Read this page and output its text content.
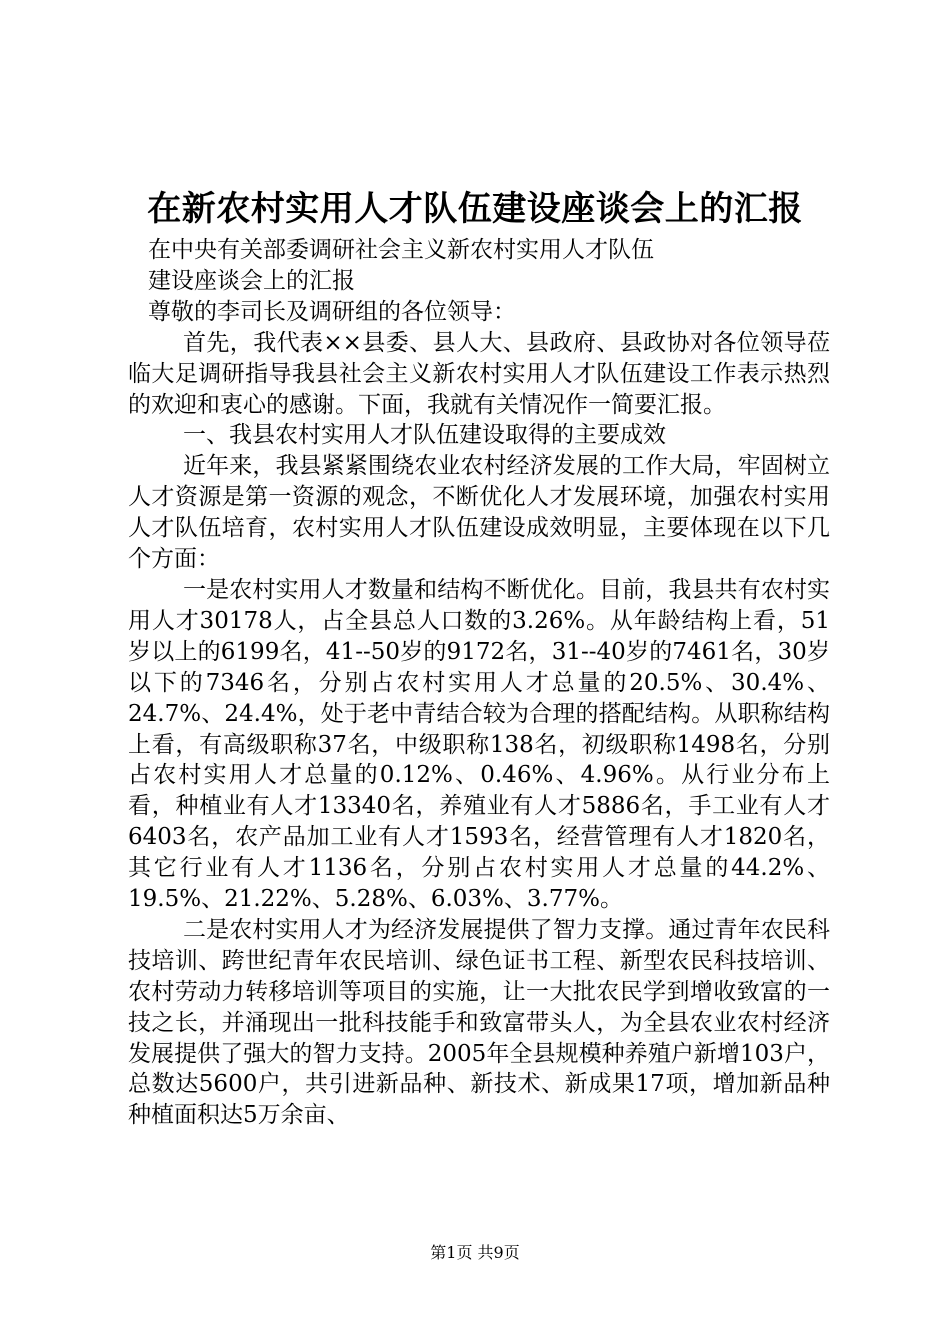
在新农村实用人才队伍建设座谈会上的汇报

在中央有关部委调研社会主义新农村实用人才队伍

建设座谈会上的汇报

尊敬的李司长及调研组的各位领导：

首先，我代表××县委、县人大、县政府、县政协对各位领导莅临大足调研指导我县社会主义新农村实用人才队伍建设工作表示热烈的欢迎和衷心的感谢。下面，我就有关情况作一简要汇报。

一、我县农村实用人才队伍建设取得的主要成效

近年来，我县紧紧围绕农业农村经济发展的工作大局，牢固树立人才资源是第一资源的观念，不断优化人才发展环境，加强农村实用人才队伍培育，农村实用人才队伍建设成效明显，主要体现在以下几个方面：

一是农村实用人才数量和结构不断优化。目前，我县共有农村实用人才30178人，占全县总人口数的3.26%。从年龄结构上看，51岁以上的6199名，41--50岁的9172名，31--40岁的7461名，30岁以下的7346名，分别占农村实用人才总量的20.5%、30.4%、24.7%、24.4%，处于老中青结合较为合理的搭配结构。从职称结构上看，有高级职称37名，中级职称138名，初级职称1498名，分别占农村实用人才总量的0.12%、0.46%、4.96%。从行业分布上看，种植业有人才13340名，养殖业有人才5886名，手工业有人才6403名，农产品加工业有人才1593名，经营管理有人才1820名，其它行业有人才1136名，分别占农村实用人才总量的44.2%、19.5%、21.22%、5.28%、6.03%、3.77%。

二是农村实用人才为经济发展提供了智力支撑。通过青年农民科技培训、跨世纪青年农民培训、绿色证书工程、新型农民科技培训、农村劳动力转移培训等项目的实施，让一大批农民学到增收致富的一技之长，并涌现出一批科技能手和致富带头人，为全县农业农村经济发展提供了强大的智力支持。2005年全县规模种养殖户新增103户，总数达5600户，共引进新品种、新技术、新成果17项，增加新品种种植面积达5万余亩、

第1页 共9页
